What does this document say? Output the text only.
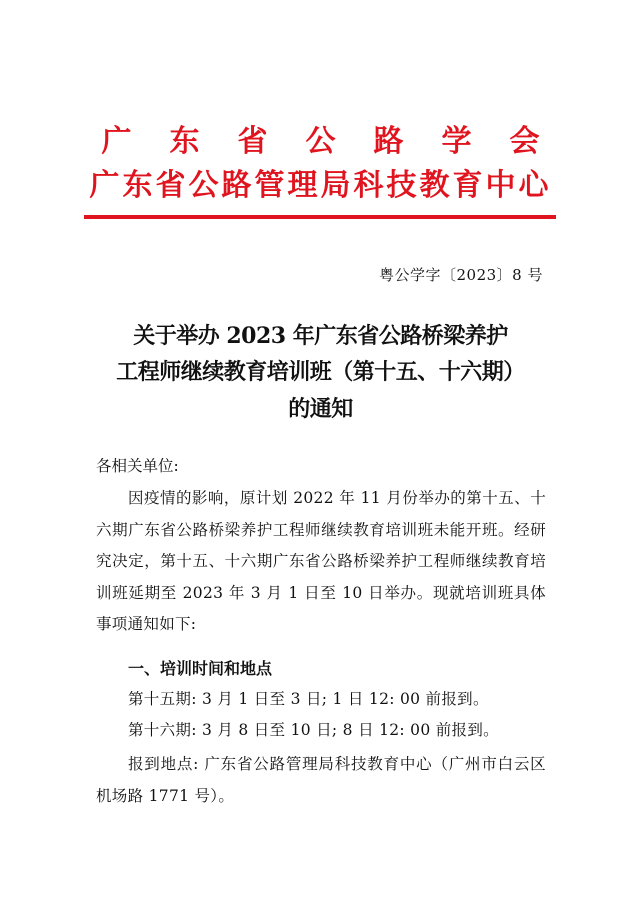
广东省公路学会
广东省公路管理局科技教育中心
粤公学字〔2023〕8 号
关于举办 2023 年广东省公路桥梁养护
工程师继续教育培训班（第十五、十六期）
的通知
各相关单位:
因疫情的影响，原计划 2022 年 11 月份举办的第十五、十六期广东省公路桥梁养护工程师继续教育培训班未能开班。经研究决定，第十五、十六期广东省公路桥梁养护工程师继续教育培训班延期至 2023 年 3 月 1 日至 10 日举办。现就培训班具体事项通知如下:
一、培训时间和地点
第十五期: 3 月 1 日至 3 日; 1 日 12: 00 前报到。
第十六期: 3 月 8 日至 10 日; 8 日 12: 00 前报到。
报到地点: 广东省公路管理局科技教育中心（广州市白云区机场路 1771 号）。
